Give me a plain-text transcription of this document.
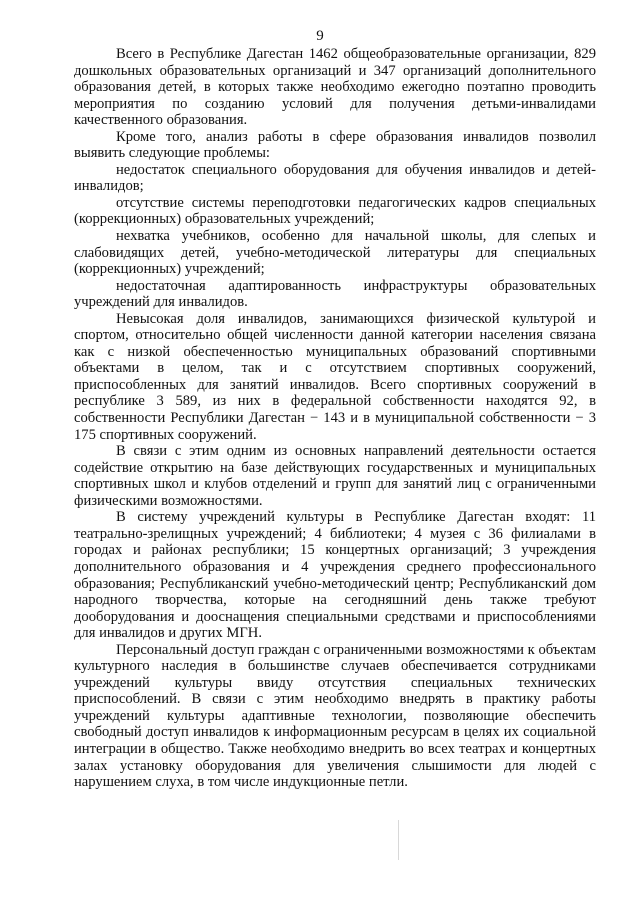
9

Всего в Республике Дагестан 1462 общеобразовательные организации, 829 дошкольных образовательных организаций и 347 организаций дополнительного образования детей, в которых также необходимо ежегодно поэтапно проводить мероприятия по созданию условий для получения детьми-инвалидами качественного образования.

Кроме того, анализ работы в сфере образования инвалидов позволил выявить следующие проблемы:

недостаток специального оборудования для обучения инвалидов и детей-инвалидов;

отсутствие системы переподготовки педагогических кадров специальных (коррекционных) образовательных учреждений;

нехватка учебников, особенно для начальной школы, для слепых и слабовидящих детей, учебно-методической литературы для специальных (коррекционных) учреждений;

недостаточная адаптированность инфраструктуры образовательных учреждений для инвалидов.

Невысокая доля инвалидов, занимающихся физической культурой и спортом, относительно общей численности данной категории населения связана как с низкой обеспеченностью муниципальных образований спортивными объектами в целом, так и с отсутствием спортивных сооружений, приспособленных для занятий инвалидов. Всего спортивных сооружений в республике 3 589, из них в федеральной собственности находятся 92, в собственности Республики Дагестан − 143 и в муниципальной собственности − 3 175 спортивных сооружений.

В связи с этим одним из основных направлений деятельности остается содействие открытию на базе действующих государственных и муниципальных спортивных школ и клубов отделений и групп для занятий лиц с ограниченными физическими возможностями.

В систему учреждений культуры в Республике Дагестан входят: 11 театрально-зрелищных учреждений; 4 библиотеки; 4 музея с 36 филиалами в городах и районах республики; 15 концертных организаций; 3 учреждения дополнительного образования и 4 учреждения среднего профессионального образования; Республиканский учебно-методический центр; Республиканский дом народного творчества, которые на сегодняшний день также требуют дооборудования и дооснащения специальными средствами и приспособлениями для инвалидов и других МГН.

Персональный доступ граждан с ограниченными возможностями к объектам культурного наследия в большинстве случаев обеспечивается сотрудниками учреждений культуры ввиду отсутствия специальных технических приспособлений. В связи с этим необходимо внедрять в практику работы учреждений культуры адаптивные технологии, позволяющие обеспечить свободный доступ инвалидов к информационным ресурсам в целях их социальной интеграции в общество. Также необходимо внедрить во всех театрах и концертных залах установку оборудования для увеличения слышимости для людей с нарушением слуха, в том числе индукционные петли.
